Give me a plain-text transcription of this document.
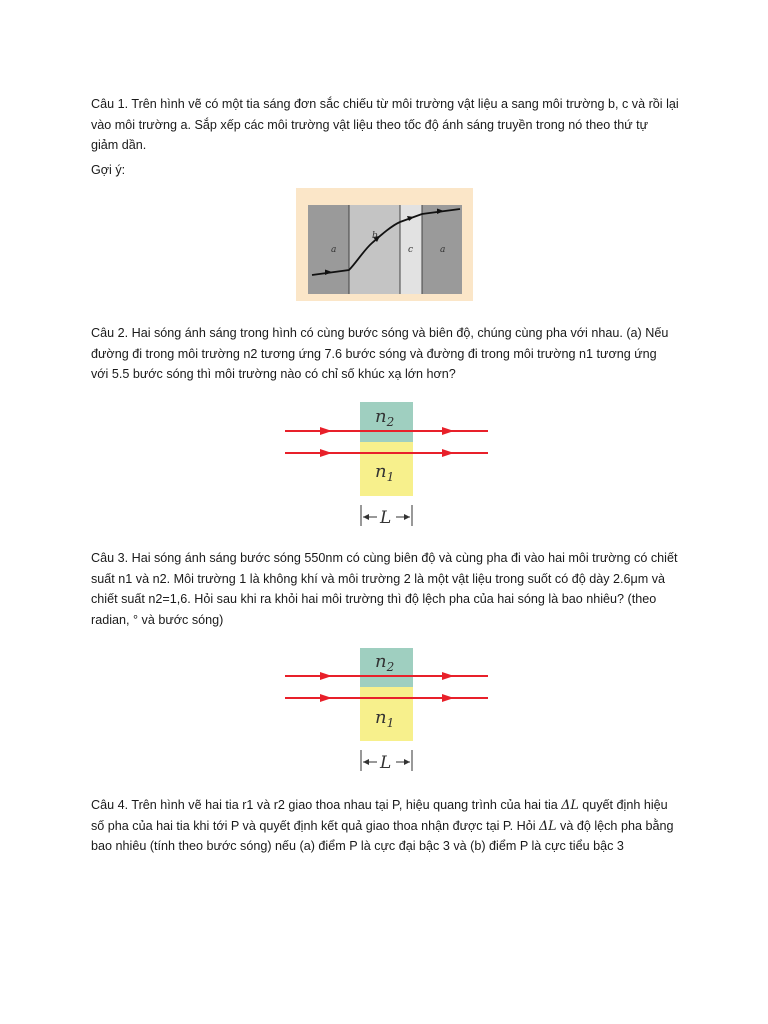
Câu 1. Trên hình vẽ có một tia sáng đơn sắc chiếu từ môi trường vật liệu a sang môi trường b, c và rồi lại
vào môi trường a. Sắp xếp các môi trường vật liệu theo tốc độ ánh sáng truyền trong nó theo thứ tự
giảm dần.
Gợi ý:
a
b
c	a
Câu 2. Hai sóng ánh sáng trong hình có cùng bước sóng và biên độ, chúng cùng pha với nhau. (a) Nếu
đường đi trong môi trường n2 tương ứng 7.6 bước sóng và đường đi trong môi trường n1 tương ứng
với 5.5 bước sóng thì môi trường nào có chỉ số khúc xạ lớn hơn?
$n_2$
$n_1$
L
Câu 3. Hai sóng ánh sáng bước sóng 550nm có cùng biên độ và cùng pha đi vào hai môi trường có chiết
suất n1 và n2. Môi trường 1 là không khí và môi trường 2 là một vật liệu trong suốt có độ dày 2.6μm và
chiết suất n2=1,6. Hỏi sau khi ra khỏi hai môi trường thì độ lệch pha của hai sóng là bao nhiêu? (theo
radian, ° và bước sóng)
$n_2$
$n_1$
L
Câu 4. Trên hình vẽ hai tia r1 và r2 giao thoa nhau tại P, hiệu quang trình của hai tia ΔL quyết định hiệu
số pha của hai tia khi tới P và quyết định kết quả giao thoa nhận được tại P. Hỏi ΔL và độ lệch pha bằng
bao nhiêu (tính theo bước sóng) nếu (a) điểm P là cực đại bậc 3 và (b) điểm P là cực tiểu bậc 3
